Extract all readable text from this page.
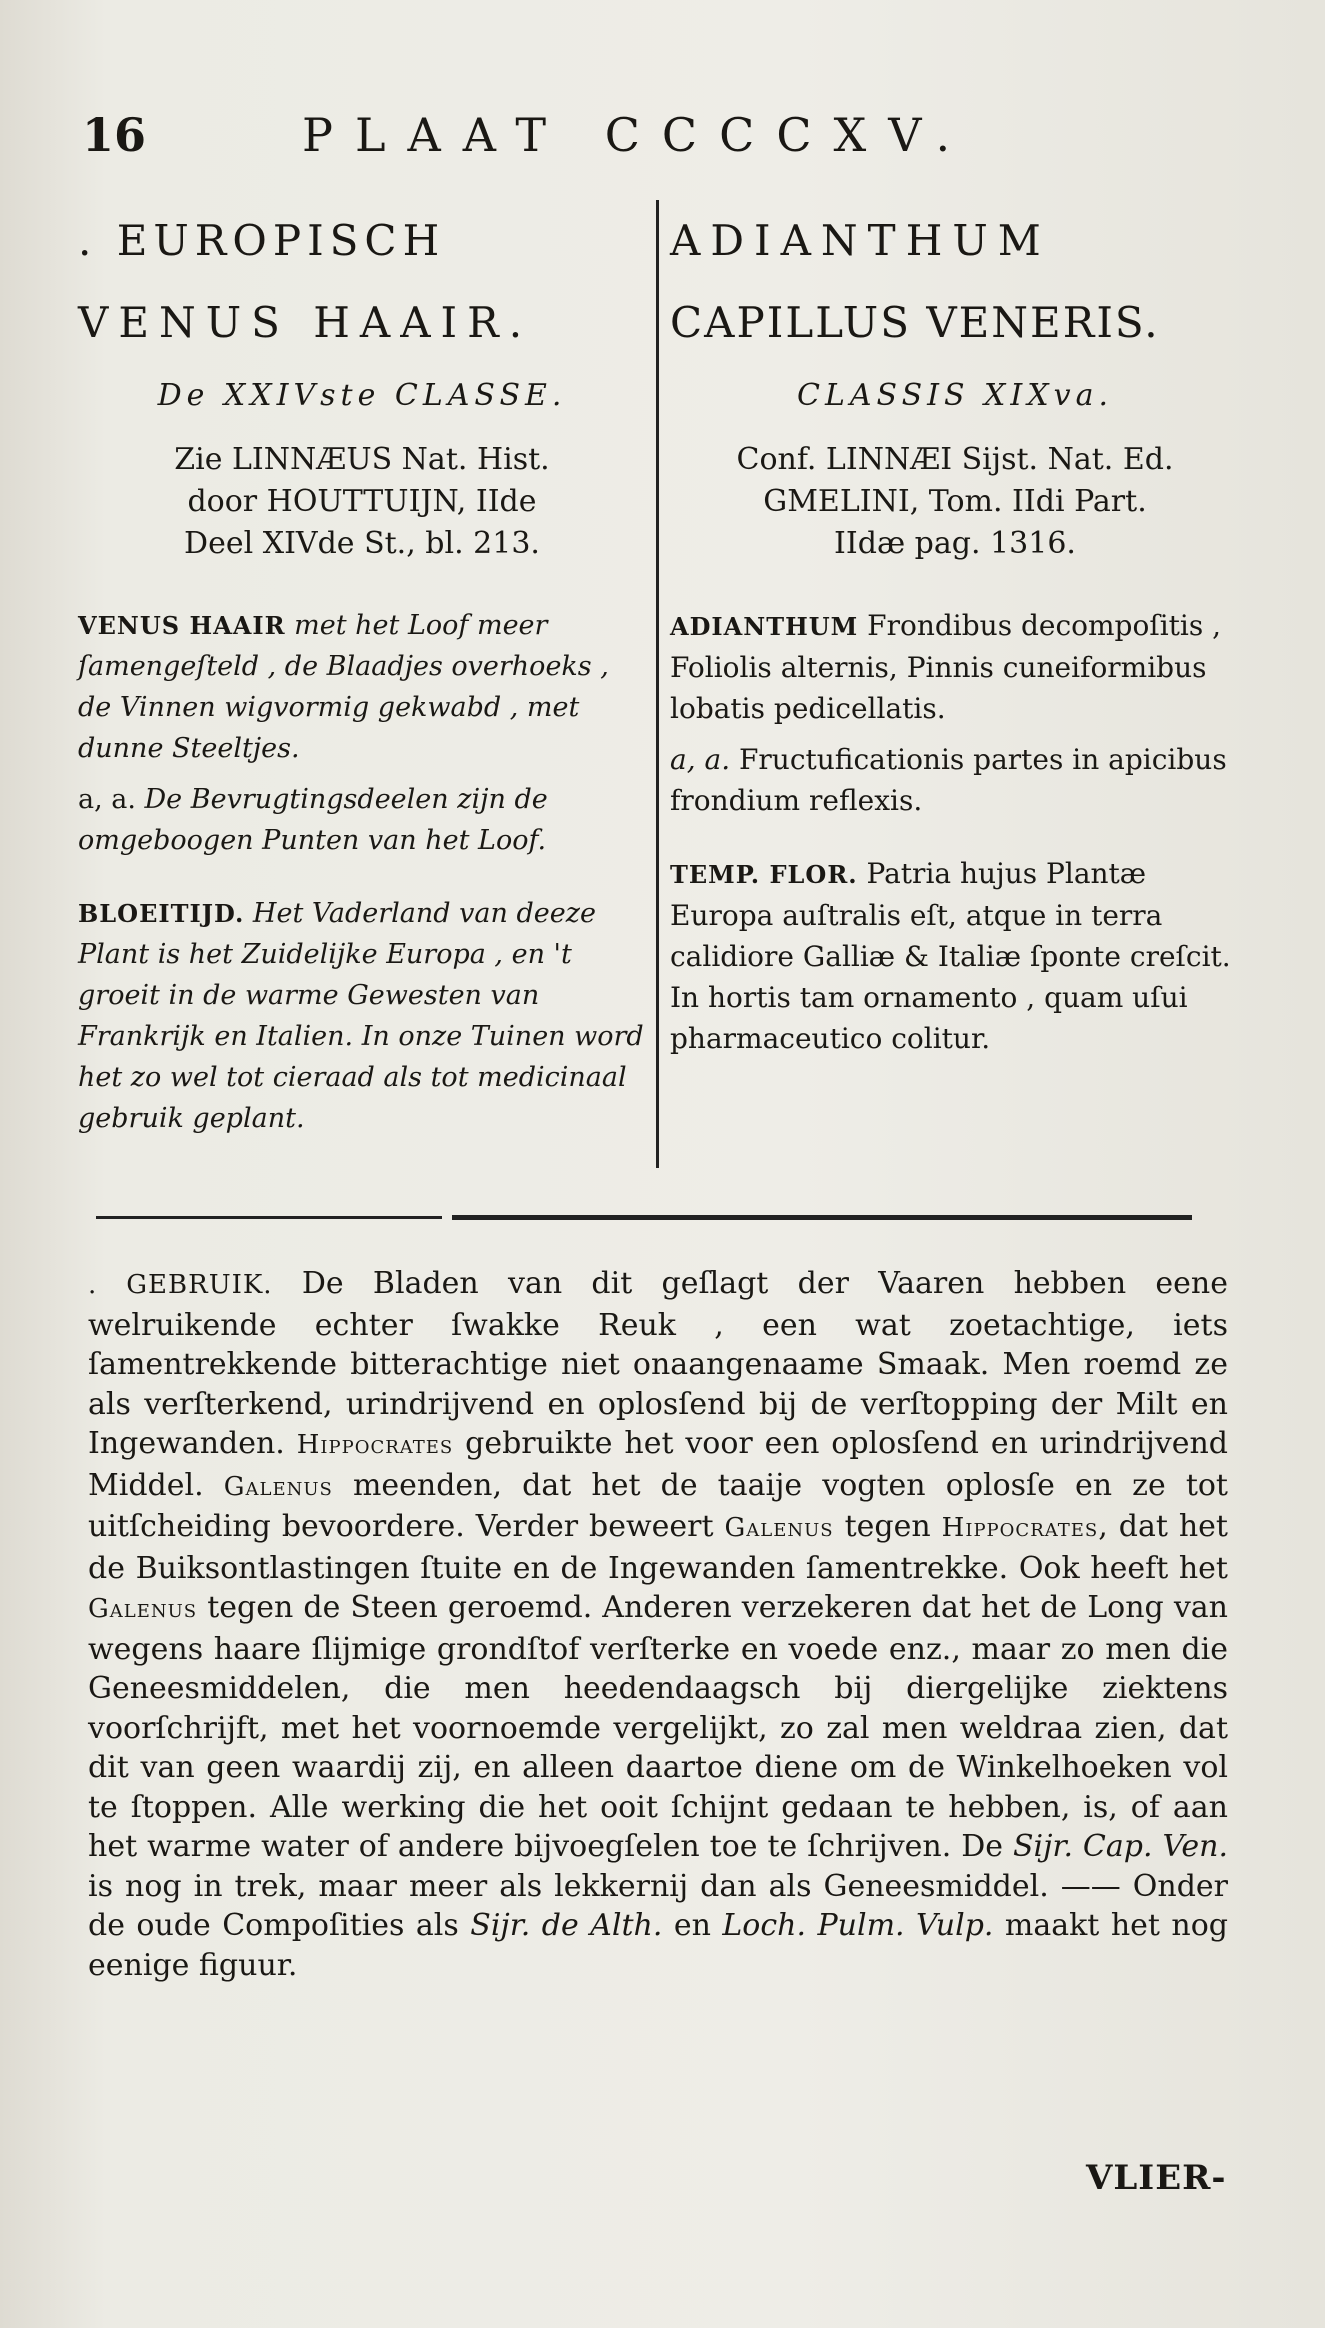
16	PLAAT CCCCXV.
. EUROPISCH
VENUS HAAIR.
De XXIVste CLASSE.
Zie LINNÆUS Nat. Hist.
door HOUTTUIJN, IIde
Deel XIVde St., bl. 213.
VENUS HAAIR met het Loof meer ſamengeſteld , de Blaadjes overhoeks , de Vinnen wigvormig gekwabd , met dunne Steeltjes.
a, a. De Bevrugtingsdeelen zijn de omgeboogen Punten van het Loof.
BLOEITIJD. Het Vaderland van deeze Plant is het Zuidelijke Europa , en 't groeit in de warme Gewesten van Frankrijk en Italien. In onze Tuinen word het zo wel tot cieraad als tot medicinaal gebruik geplant.
ADIANTHUM
CAPILLUS VENERIS.
CLASSIS XIXva.
Conf. LINNÆI Sijst. Nat. Ed.
GMELINI, Tom. IIdi Part.
IIdæ pag. 1316.
ADIANTHUM Frondibus decompoſitis , Foliolis alternis, Pinnis cuneiformibus lobatis pedicellatis.
a, a. Fructuficationis partes in apicibus frondium reflexis.
TEMP. FLOR. Patria hujus Plantæ Europa auſtralis eſt, atque in terra calidiore Galliæ & Italiæ ſponte creſcit. In hortis tam ornamento , quam uſui pharmaceutico colitur.
. GEBRUIK. De Bladen van dit geſlagt der Vaaren hebben eene welruikende echter ſwakke Reuk , een wat zoetachtige, iets ſamentrekkende bitterachtige niet onaangenaame Smaak. Men roemd ze als verſterkend, urindrijvend en oplosſend bij de verſtopping der Milt en Ingewanden. Hippocrates gebruikte het voor een oplosſend en urindrijvend Middel. Galenus meenden, dat het de taaije vogten oplosſe en ze tot uitſcheiding bevoordere. Verder beweert Galenus tegen Hippocrates, dat het de Buiksontlastingen ſtuite en de Ingewanden ſamentrekke. Ook heeft het Galenus tegen de Steen geroemd. Anderen verzekeren dat het de Long van wegens haare ſlijmige grondſtof verſterke en voede enz., maar zo men die Geneesmiddelen, die men heedendaagsch bij diergelijke ziektens voorſchrijft, met het voornoemde vergelijkt, zo zal men weldraa zien, dat dit van geen waardij zij, en alleen daartoe diene om de Winkelhoeken vol te ſtoppen. Alle werking die het ooit ſchijnt gedaan te hebben, is, of aan het warme water of andere bijvoegſelen toe te ſchrijven. De Sijr. Cap. Ven. is nog in trek, maar meer als lekkernij dan als Geneesmiddel. —— Onder de oude Compoſities als Sijr. de Alth. en Loch. Pulm. Vulp. maakt het nog eenige figuur.
VLIER-
